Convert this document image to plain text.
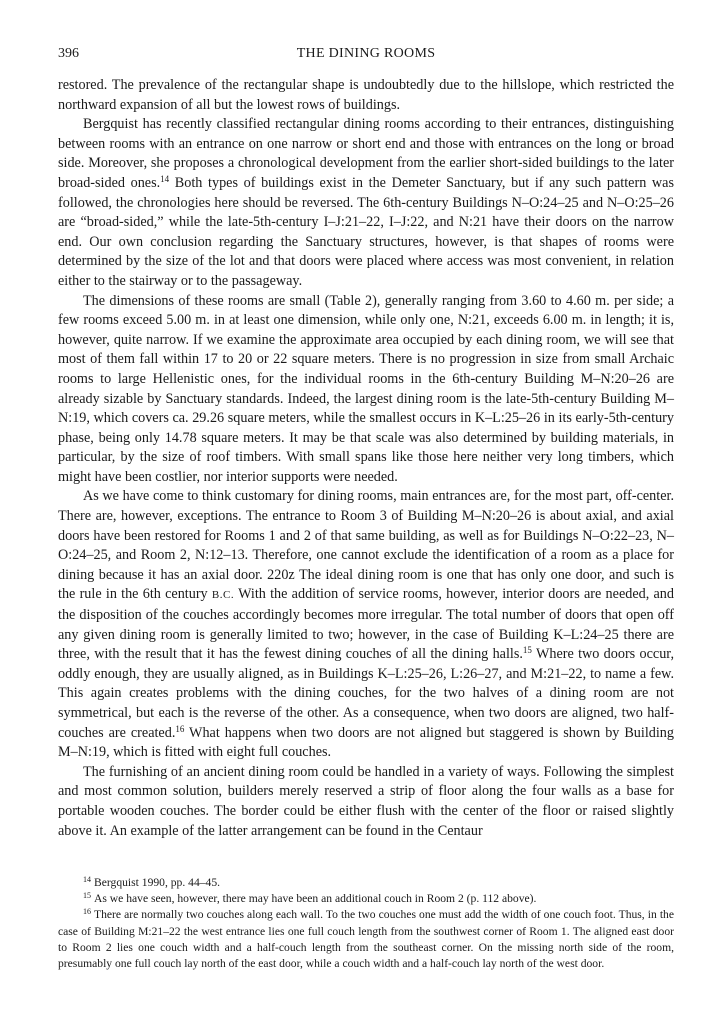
396	THE DINING ROOMS

restored. The prevalence of the rectangular shape is undoubtedly due to the hillslope, which restricted the northward expansion of all but the lowest rows of buildings.

Bergquist has recently classified rectangular dining rooms according to their entrances, distinguishing between rooms with an entrance on one narrow or short end and those with entrances on the long or broad side. Moreover, she proposes a chronological development from the earlier short-sided buildings to the later broad-sided ones.$^{14}$ Both types of buildings exist in the Demeter Sanctuary, but if any such pattern was followed, the chronologies here should be reversed. The 6th-century Buildings N–O:24–25 and N–O:25–26 are “broad-sided,” while the late-5th-century I–J:21–22, I–J:22, and N:21 have their doors on the narrow end. Our own conclusion regarding the Sanctuary structures, however, is that shapes of rooms were determined by the size of the lot and that doors were placed where access was most convenient, in relation either to the stairway or to the passageway.

The dimensions of these rooms are small (Table 2), generally ranging from 3.60 to 4.60 m. per side; a few rooms exceed 5.00 m. in at least one dimension, while only one, N:21, exceeds 6.00 m. in length; it is, however, quite narrow. If we examine the approximate area occupied by each dining room, we will see that most of them fall within 17 to 20 or 22 square meters. There is no progression in size from small Archaic rooms to large Hellenistic ones, for the individual rooms in the 6th-century Building M–N:20–26 are already sizable by Sanctuary standards. Indeed, the largest dining room is the late-5th-century Building M–N:19, which covers ca. 29.26 square meters, while the smallest occurs in K–L:25–26 in its early-5th-century phase, being only 14.78 square meters. It may be that scale was also determined by building materials, in particular, by the size of roof timbers. With small spans like those here neither very long timbers, which might have been costlier, nor interior supports were needed.

As we have come to think customary for dining rooms, main entrances are, for the most part, off-center. There are, however, exceptions. The entrance to Room 3 of Building M–N:20–26 is about axial, and axial doors have been restored for Rooms 1 and 2 of that same building, as well as for Buildings N–O:22–23, N–O:24–25, and Room 2, N:12–13. Therefore, one cannot exclude the identification of a room as a place for dining because it has an axial door. 220z The ideal dining room is one that has only one door, and such is the rule in the 6th century B.C. With the addition of service rooms, however, interior doors are needed, and the disposition of the couches accordingly becomes more irregular. The total number of doors that open off any given dining room is generally limited to two; however, in the case of Building K–L:24–25 there are three, with the result that it has the fewest dining couches of all the dining halls.$^{15}$ Where two doors occur, oddly enough, they are usually aligned, as in Buildings K–L:25–26, L:26–27, and M:21–22, to name a few. This again creates problems with the dining couches, for the two halves of a dining room are not symmetrical, but each is the reverse of the other. As a consequence, when two doors are aligned, two half-couches are created.$^{16}$ What happens when two doors are not aligned but staggered is shown by Building M–N:19, which is fitted with eight full couches.

The furnishing of an ancient dining room could be handled in a variety of ways. Following the simplest and most common solution, builders merely reserved a strip of floor along the four walls as a base for portable wooden couches. The border could be either flush with the center of the floor or raised slightly above it. An example of the latter arrangement can be found in the Centaur

$^{14}$ Bergquist 1990, pp. 44–45.

$^{15}$ As we have seen, however, there may have been an additional couch in Room 2 (p. 112 above).

$^{16}$ There are normally two couches along each wall. To the two couches one must add the width of one couch foot. Thus, in the case of Building M:21–22 the west entrance lies one full couch length from the southwest corner of Room 1. The aligned east door to Room 2 lies one couch width and a half-couch length from the southeast corner. On the missing north side of the room, presumably one full couch lay north of the east door, while a couch width and a half-couch lay north of the west door.
